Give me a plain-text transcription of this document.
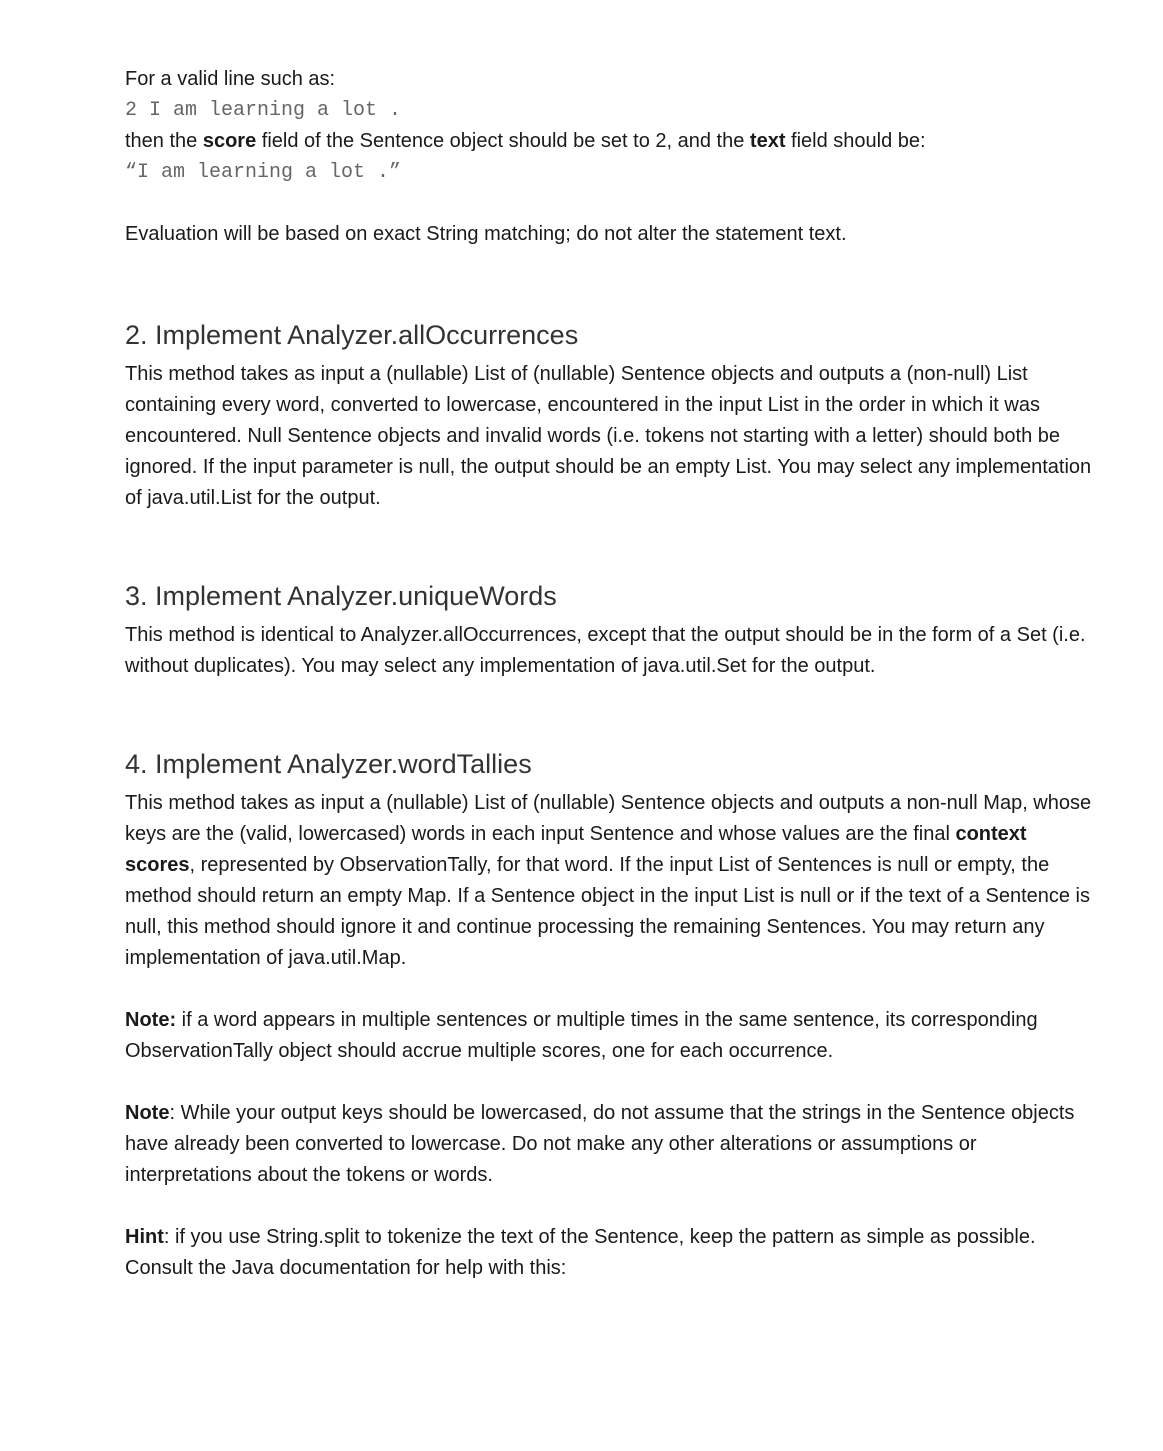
For a valid line such as:

2 I am learning a lot .

then the score field of the Sentence object should be set to 2, and the text field should be:

“I am learning a lot .”

Evaluation will be based on exact String matching; do not alter the statement text.

2. Implement Analyzer.allOccurrences

This method takes as input a (nullable) List of (nullable) Sentence objects and outputs a (non-null) List containing every word, converted to lowercase, encountered in the input List in the order in which it was encountered. Null Sentence objects and invalid words (i.e. tokens not starting with a letter) should both be ignored. If the input parameter is null, the output should be an empty List. You may select any implementation of java.util.List for the output.

3. Implement Analyzer.uniqueWords

This method is identical to Analyzer.allOccurrences, except that the output should be in the form of a Set (i.e. without duplicates). You may select any implementation of java.util.Set for the output.

4. Implement Analyzer.wordTallies

This method takes as input a (nullable) List of (nullable) Sentence objects and outputs a non-null Map, whose keys are the (valid, lowercased) words in each input Sentence and whose values are the final context scores, represented by ObservationTally, for that word. If the input List of Sentences is null or empty, the method should return an empty Map. If a Sentence object in the input List is null or if the text of a Sentence is null, this method should ignore it and continue processing the remaining Sentences. You may return any implementation of java.util.Map.

Note: if a word appears in multiple sentences or multiple times in the same sentence, its corresponding ObservationTally object should accrue multiple scores, one for each occurrence.

Note: While your output keys should be lowercased, do not assume that the strings in the Sentence objects have already been converted to lowercase. Do not make any other alterations or assumptions or interpretations about the tokens or words.

Hint: if you use String.split to tokenize the text of the Sentence, keep the pattern as simple as possible. Consult the Java documentation for help with this:
